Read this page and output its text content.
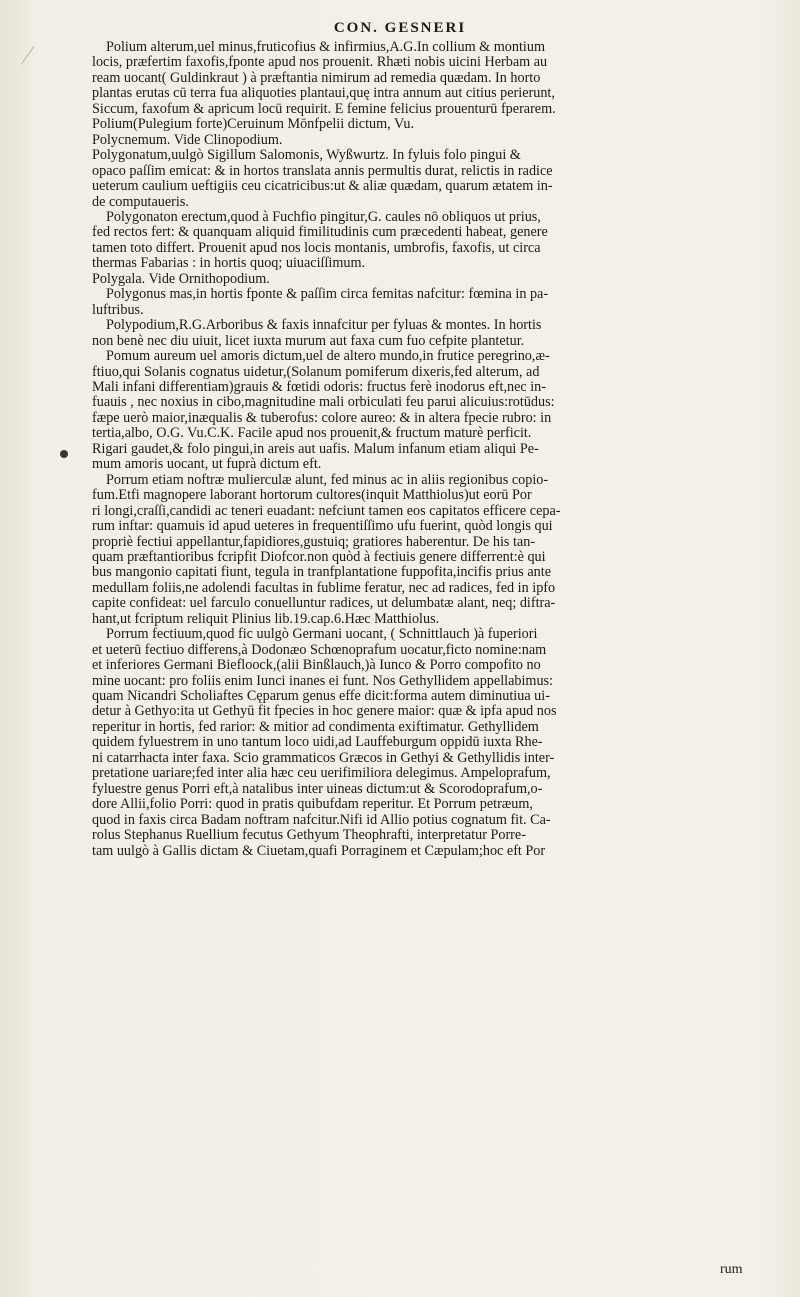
CON. GESNERI
Polium alterum,uel minus,fruticofius & infirmius,A.G.In collium & montium
locis, præfertim faxofis,fponte apud nos prouenit. Rhæti nobis uicini Herbam au
ream uocant( Guldinkraut ) à præftantia nimirum ad remedia quædam. In horto
plantas erutas cū terra fua aliquoties plantaui,quę intra annum aut citius perierunt,
Siccum, faxofum & apricum locū requirit. E femine felicius prouenturū fperarem.
Polium(Pulegium forte)Ceruinum Mōnfpelii dictum, Vu.
Polycnemum. Vide Clinopodium.
Polygonatum,uulgò Sigillum Salomonis, Wyßwurtz. In fyluis folo pingui &
opaco paſſim emicat: & in hortos translata annis permultis durat, relictis in radice
ueterum caulium ueftigiis ceu cicatricibus:ut & aliæ quædam, quarum ætatem in-
de computaueris.
Polygonaton erectum,quod à Fuchfio pingitur,G. caules nō obliquos ut prius,
fed rectos fert: & quanquam aliquid fimilitudinis cum præcedenti habeat, genere
tamen toto differt. Prouenit apud nos locis montanis, umbrofis, faxofis, ut circa
thermas Fabarias : in hortis quoq; uiuaciſſimum.
Polygala. Vide Ornithopodium.
Polygonus mas,in hortis fponte & paſſim circa femitas nafcitur: fœmina in pa-
luftribus.
Polypodium,R.G.Arboribus & faxis innafcitur per fyluas & montes. In hortis
non benè nec diu uiuit, licet iuxta murum aut faxa cum fuo cefpite plantetur.
Pomum aureum uel amoris dictum,uel de altero mundo,in frutice peregrino,æ-
ftiuo,qui Solanis cognatus uidetur,(Solanum pomiferum dixeris,fed alterum, ad
Mali infani differentiam)grauis & fœtidi odoris: fructus ferè inodorus eft,nec in-
fuauis , nec noxius in cibo,magnitudine mali orbiculati feu parui alicuius:rotūdus:
fæpe uerò maior,inæqualis & tuberofus: colore aureo: & in altera fpecie rubro: in
tertia,albo, O.G. Vu.C.K. Facile apud nos prouenit,& fructum maturè perficit.
Rigari gaudet,& folo pingui,in areis aut uafis. Malum infanum etiam aliqui Pe-
mum amoris uocant, ut fuprà dictum eft.
Porrum etiam noftræ mulierculæ alunt, fed minus ac in aliis regionibus copio-
fum.Etfi magnopere laborant hortorum cultores(inquit Matthiolus)ut eorū Por
ri longi,craſſi,candidi ac teneri euadant: nefciunt tamen eos capitatos efficere cepa-
rum inftar: quamuis id apud ueteres in frequentiſſimo ufu fuerint, quòd longis qui
propriè fectiui appellantur,fapidiores,gustuiq; gratiores haberentur. De his tan-
quam præftantioribus fcripfit Diofcor.non quòd à fectiuis genere differrent:è qui
bus mangonio capitati fiunt, tegula in tranfplantatione fuppofita,incifis prius ante
medullam foliis,ne adolendi facultas in fublime feratur, nec ad radices, fed in ipfo
capite confideat: uel farculo conuelluntur radices, ut delumbatæ alant, neq; diftra-
hant,ut fcriptum reliquit Plinius lib.19.cap.6.Hæc Matthiolus.
Porrum fectiuum,quod fic uulgò Germani uocant, ( Schnittlauch )à fuperiori
et ueterū fectiuo differens,à Dodonæo Schœnoprafum uocatur,ficto nomine:nam
et inferiores Germani Biefloock,(alii Binßlauch,)à Iunco & Porro compofito no
mine uocant: pro foliis enim Iunci inanes ei funt. Nos Gethyllidem appellabimus:
quam Nicandri Scholiaftes Cęparum genus effe dicit:forma autem diminutiua ui-
detur à Gethyo:ita ut Gethyū fit fpecies in hoc genere maior: quæ & ipfa apud nos
reperitur in hortis, fed rarior: & mitior ad condimenta exiftimatur. Gethyllidem
quidem fyluestrem in uno tantum loco uidi,ad Lauffeburgum oppidū iuxta Rhe-
ni catarrhacta inter faxa. Scio grammaticos Græcos in Gethyi & Gethyllidis inter-
pretatione uariare;fed inter alia hæc ceu uerifimiliora delegimus. Ampeloprafum,
fyluestre genus Porri eft,à natalibus inter uineas dictum:ut & Scorodoprafum,o-
dore Allii,folio Porri: quod in pratis quibufdam reperitur. Et Porrum petræum,
quod in faxis circa Badam noftram nafcitur.Nifi id Allio potius cognatum fit. Ca-
rolus Stephanus Ruellium fecutus Gethyum Theophrafti, interpretatur Porre-
tam uulgò à Gallis dictam & Ciuetam,quafi Porraginem et Cæpulam;hoc eft Por
rum
